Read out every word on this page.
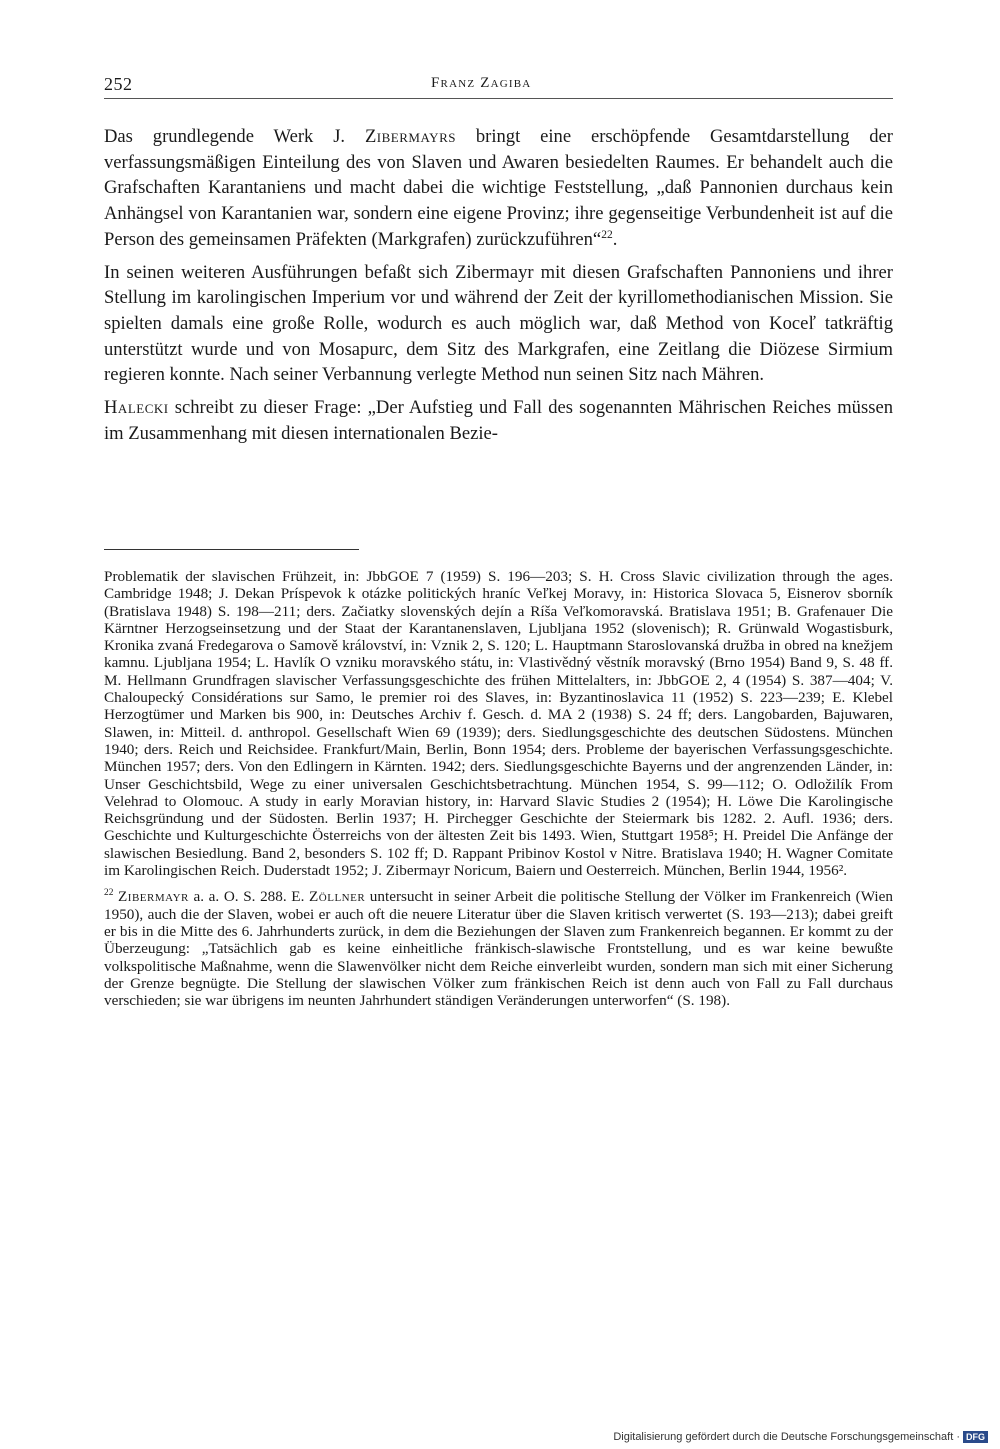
252	Franz Zagiba

Das grundlegende Werk J. Zibermayrs bringt eine erschöpfende Gesamtdarstellung der verfassungsmäßigen Einteilung des von Slaven und Awaren besiedelten Raumes. Er behandelt auch die Grafschaften Karantaniens und macht dabei die wichtige Feststellung, „daß Pannonien durchaus kein Anhängsel von Karantanien war, sondern eine eigene Provinz; ihre gegenseitige Verbundenheit ist auf die Person des gemeinsamen Präfekten (Markgrafen) zurückzuführen“$^{22}$.

In seinen weiteren Ausführungen befaßt sich Zibermayr mit diesen Grafschaften Pannoniens und ihrer Stellung im karolingischen Imperium vor und während der Zeit der kyrillomethodianischen Mission. Sie spielten damals eine große Rolle, wodurch es auch möglich war, daß Method von Koceľ tatkräftig unterstützt wurde und von Mosapurc, dem Sitz des Markgrafen, eine Zeitlang die Diözese Sirmium regieren konnte. Nach seiner Verbannung verlegte Method nun seinen Sitz nach Mähren.

Halecki schreibt zu dieser Frage: „Der Aufstieg und Fall des sogenannten Mährischen Reiches müssen im Zusammenhang mit diesen internationalen Bezie-

Problematik der slavischen Frühzeit, in: JbbGOE 7 (1959) S. 196—203; S. H. Cross Slavic civilization through the ages. Cambridge 1948; J. Dekan Príspevok k otázke politických hraníc Veľkej Moravy, in: Historica Slovaca 5, Eisnerov sborník (Bratislava 1948) S. 198—211; ders. Začiatky slovenských dejín a Ríša Veľkomoravská. Bratislava 1951; B. Grafenauer Die Kärntner Herzogseinsetzung und der Staat der Karantanenslaven, Ljubljana 1952 (slovenisch); R. Grünwald Wogastisburk, Kronika zvaná Fredegarova o Samově království, in: Vznik 2, S. 120; L. Hauptmann Staroslovanská družba in obred na knežjem kamnu. Ljubljana 1954; L. Havlík O vzniku moravského státu, in: Vlastivědný věstník moravský (Brno 1954) Band 9, S. 48 ff. M. Hellmann Grundfragen slavischer Verfassungsgeschichte des frühen Mittelalters, in: JbbGOE 2, 4 (1954) S. 387—404; V. Chaloupecký Considérations sur Samo, le premier roi des Slaves, in: Byzantinoslavica 11 (1952) S. 223—239; E. Klebel Herzogtümer und Marken bis 900, in: Deutsches Archiv f. Gesch. d. MA 2 (1938) S. 24 ff; ders. Langobarden, Bajuwaren, Slawen, in: Mitteil. d. anthropol. Gesellschaft Wien 69 (1939); ders. Siedlungsgeschichte des deutschen Südostens. München 1940; ders. Reich und Reichsidee. Frankfurt/Main, Berlin, Bonn 1954; ders. Probleme der bayerischen Verfassungsgeschichte. München 1957; ders. Von den Edlingern in Kärnten. 1942; ders. Siedlungsgeschichte Bayerns und der angrenzenden Länder, in: Unser Geschichtsbild, Wege zu einer universalen Geschichtsbetrachtung. München 1954, S. 99—112; O. Odložilík From Velehrad to Olomouc. A study in early Moravian history, in: Harvard Slavic Studies 2 (1954); H. Löwe Die Karolingische Reichsgründung und der Südosten. Berlin 1937; H. Pirchegger Geschichte der Steiermark bis 1282. 2. Aufl. 1936; ders. Geschichte und Kulturgeschichte Österreichs von der ältesten Zeit bis 1493. Wien, Stuttgart 1958⁵; H. Preidel Die Anfänge der slawischen Besiedlung. Band 2, besonders S. 102 ff; D. Rappant Pribinov Kostol v Nitre. Bratislava 1940; H. Wagner Comitate im Karolingischen Reich. Duderstadt 1952; J. Zibermayr Noricum, Baiern und Oesterreich. München, Berlin 1944, 1956².

$^{22}$ Zibermayr a. a. O. S. 288. E. Zöllner untersucht in seiner Arbeit die politische Stellung der Völker im Frankenreich (Wien 1950), auch die der Slaven, wobei er auch oft die neuere Literatur über die Slaven kritisch verwertet (S. 193—213); dabei greift er bis in die Mitte des 6. Jahrhunderts zurück, in dem die Beziehungen der Slaven zum Frankenreich begannen. Er kommt zu der Überzeugung: „Tatsächlich gab es keine einheitliche fränkisch-slawische Frontstellung, und es war keine bewußte volkspolitische Maßnahme, wenn die Slawenvölker nicht dem Reiche einverleibt wurden, sondern man sich mit einer Sicherung der Grenze begnügte. Die Stellung der slawischen Völker zum fränkischen Reich ist denn auch von Fall zu Fall durchaus verschieden; sie war übrigens im neunten Jahrhundert ständigen Veränderungen unterworfen“ (S. 198).

Digitalisierung gefördert durch die Deutsche Forschungsgemeinschaft · DFG
